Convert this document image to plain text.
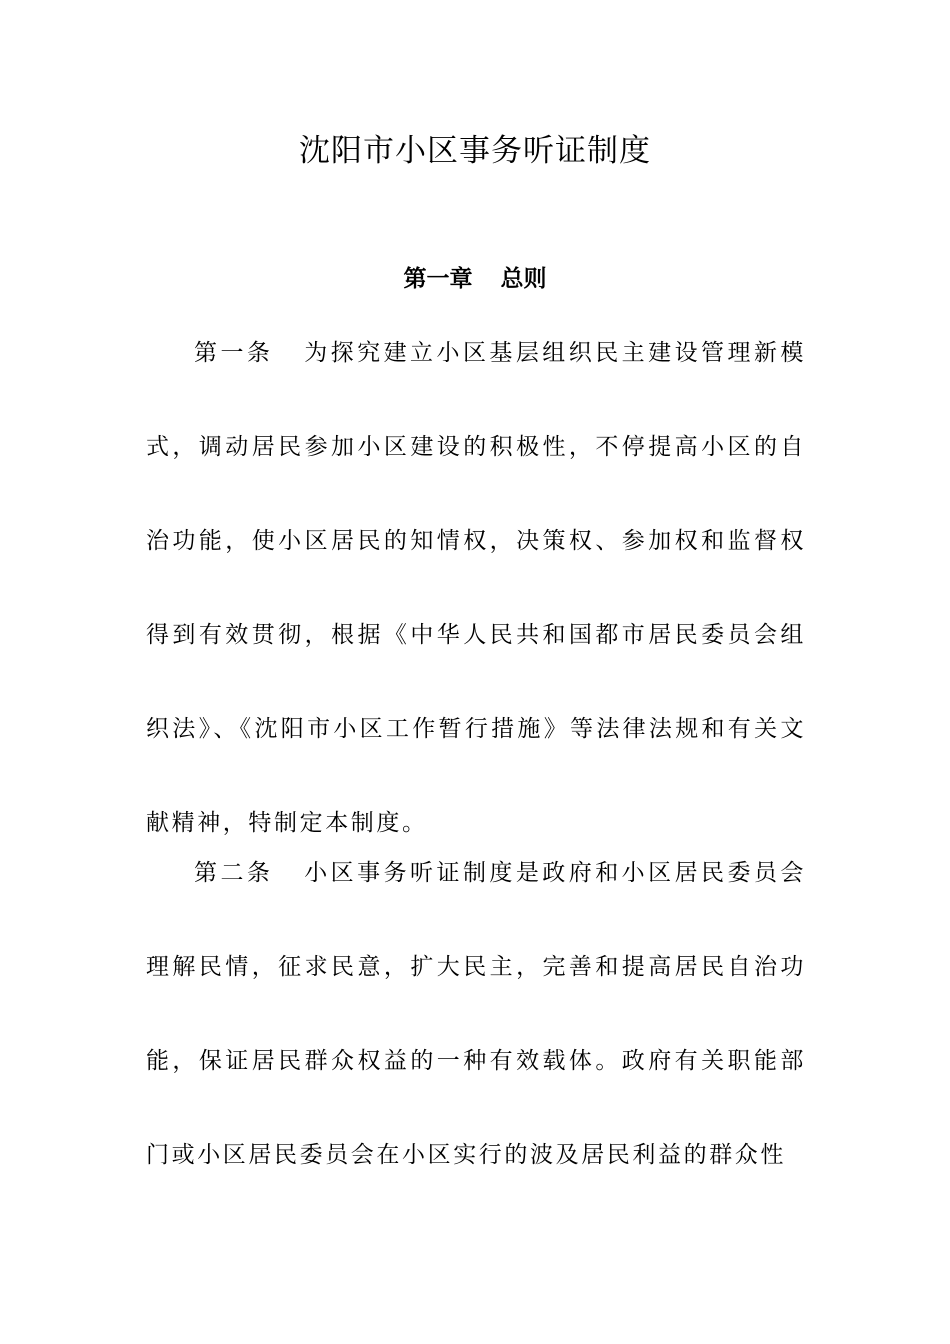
沈阳市小区事务听证制度
第一章 总则

第一条 为探究建立小区基层组织民主建设管理新模式，调动居民参加小区建设的积极性，不停提高小区的自治功能，使小区居民的知情权，决策权、参加权和监督权得到有效贯彻，根据《中华人民共和国都市居民委员会组织法》、《沈阳市小区工作暂行措施》等法律法规和有关文献精神，特制定本制度。

第二条 小区事务听证制度是政府和小区居民委员会理解民情，征求民意，扩大民主，完善和提高居民自治功能，保证居民群众权益的一种有效载体。政府有关职能部门或小区居民委员会在小区实行的波及居民利益的群众性
